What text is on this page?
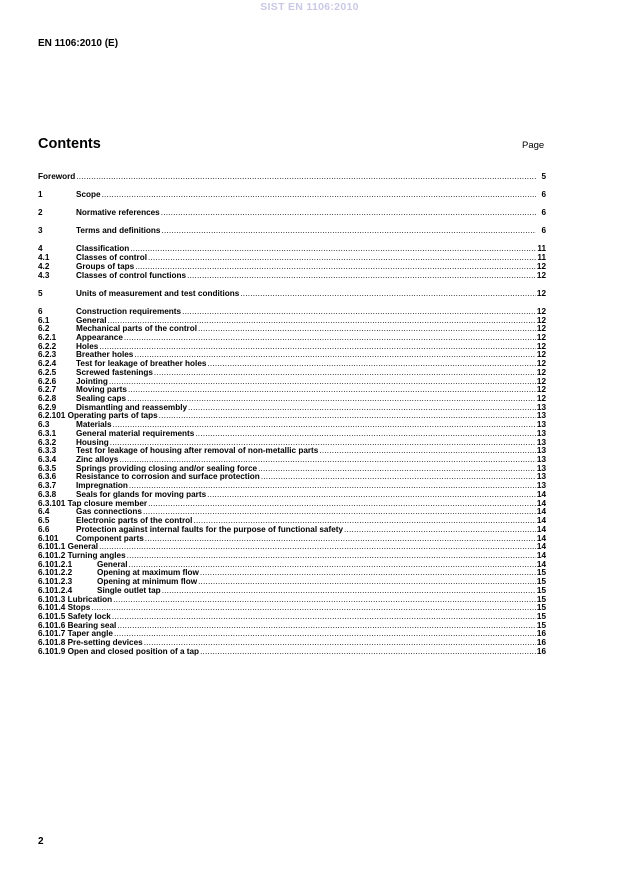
SIST EN 1106:2010
EN 1106:2010 (E)
Contents	Page
Foreword .....	5
1	Scope .....	6
2	Normative references .....	6
3	Terms and definitions .....	6
4	Classification .....	11
4.1	Classes of control .....	11
4.2	Groups of taps .....	12
4.3	Classes of control functions .....	12
5	Units of measurement and test conditions .....	12
6	Construction requirements .....	12
6.1	General .....	12
6.2	Mechanical parts of the control .....	12
6.2.1	Appearance .....	12
6.2.2	Holes .....	12
6.2.3	Breather holes .....	12
6.2.4	Test for leakage of breather holes .....	12
6.2.5	Screwed fastenings .....	12
6.2.6	Jointing .....	12
6.2.7	Moving parts .....	12
6.2.8	Sealing caps .....	12
6.2.9	Dismantling and reassembly .....	13
6.2.101 Operating parts of taps .....	13
6.3	Materials .....	13
6.3.1	General material requirements .....	13
6.3.2	Housing .....	13
6.3.3	Test for leakage of housing after removal of non-metallic parts .....	13
6.3.4	Zinc alloys .....	13
6.3.5	Springs providing closing and/or sealing force .....	13
6.3.6	Resistance to corrosion and surface protection .....	13
6.3.7	Impregnation .....	13
6.3.8	Seals for glands for moving parts .....	14
6.3.101 Tap closure member .....	14
6.4	Gas connections .....	14
6.5	Electronic parts of the control .....	14
6.6	Protection against internal faults for the purpose of functional safety .....	14
6.101	Component parts .....	14
6.101.1 General .....	14
6.101.2 Turning angles .....	14
6.101.2.1	General .....	14
6.101.2.2	Opening at maximum flow .....	15
6.101.2.3	Opening at minimum flow .....	15
6.101.2.4	Single outlet tap .....	15
6.101.3 Lubrication .....	15
6.101.4 Stops .....	15
6.101.5 Safety lock .....	15
6.101.6 Bearing seal .....	15
6.101.7 Taper angle .....	16
6.101.8 Pre-setting devices .....	16
6.101.9 Open and closed position of a tap .....	16
2
